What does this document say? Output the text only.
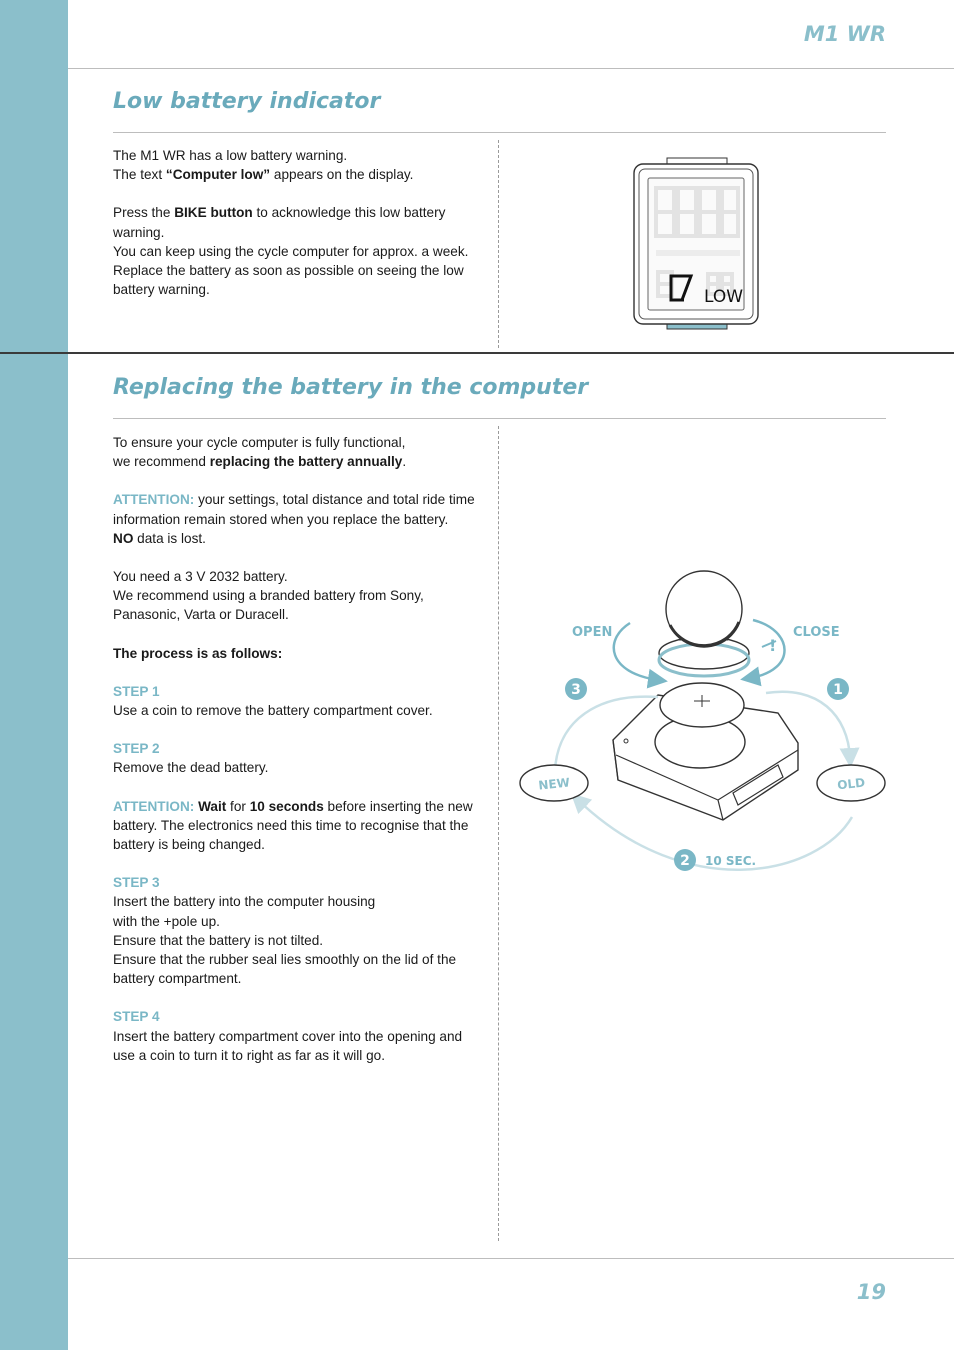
M1 WR
Low battery indicator

The M1 WR has a low battery warning.

The text “Computer low” appears on the display.

Press the BIKE button to acknowledge this low battery warning.

You can keep using the cycle computer for approx. a week.

Replace the battery as soon as possible on seeing the low battery warning.	LOW
Replacing the battery in the computer

To ensure your cycle computer is fully functional,

we recommend replacing the battery annually.

ATTENTION: your settings, total distance and total ride time information remain stored when you replace the battery.

NO data is lost.

You need a 3 V 2032 battery.

We recommend using a branded battery from Sony, Panasonic, Varta or Duracell.

The process is as follows:

STEP 1

Use a coin to remove the battery compartment cover.

STEP 2

Remove the dead battery.

ATTENTION: Wait for 10 seconds before inserting the new battery. The electronics need this time to recognise that the battery is being changed.

STEP 3

Insert the battery into the computer housing

with the +pole up.

Ensure that the battery is not tilted.

Ensure that the rubber seal lies smoothly on the lid of the battery compartment.

STEP 4

Insert the battery compartment cover into the opening and use a coin to turn it to right as far as it will go.

OPEN	CLOSE
!
3	1
NEW	OLD
2 10 SEC.
19
